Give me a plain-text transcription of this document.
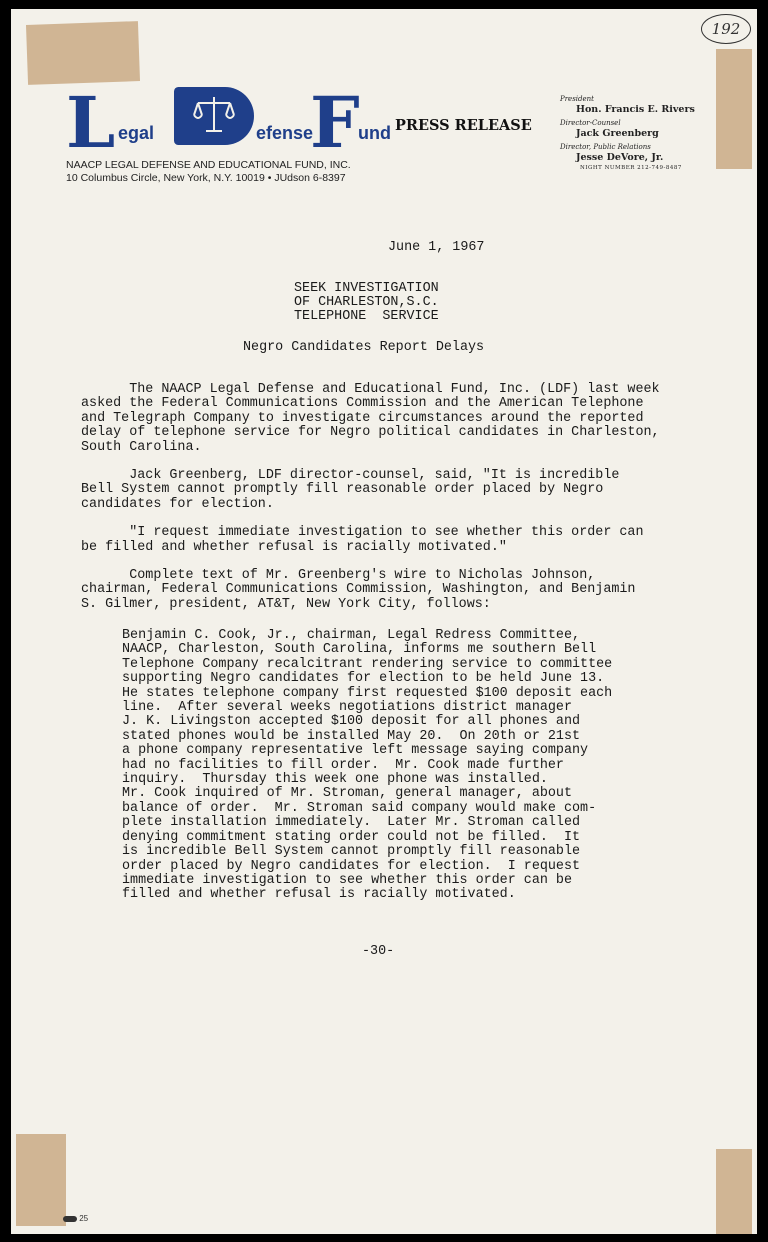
192
L egal	efense
F
und
NAACP LEGAL DEFENSE AND EDUCATIONAL FUND, INC.
10 Columbus Circle, New York, N.Y. 10019 • JUdson 6-8397
PRESS RELEASE
President
Hon. Francis E. Rivers
Director-Counsel
Jack Greenberg
Director, Public Relations
Jesse DeVore, Jr.
NIGHT NUMBER 212-749-8487
June 1, 1967
SEEK INVESTIGATION
OF CHARLESTON,S.C.
TELEPHONE  SERVICE
Negro Candidates Report Delays

The NAACP Legal Defense and Educational Fund, Inc. (LDF) last week
asked the Federal Communications Commission and the American Telephone
and Telegraph Company to investigate circumstances around the reported
delay of telephone service for Negro political candidates in Charleston,
South Carolina.

Jack Greenberg, LDF director-counsel, said, "It is incredible
Bell System cannot promptly fill reasonable order placed by Negro
candidates for election.

"I request immediate investigation to see whether this order can
be filled and whether refusal is racially motivated."

Complete text of Mr. Greenberg's wire to Nicholas Johnson,
chairman, Federal Communications Commission, Washington, and Benjamin
S. Gilmer, president, AT&T, New York City, follows:

Benjamin C. Cook, Jr., chairman, Legal Redress Committee,
NAACP, Charleston, South Carolina, informs me southern Bell
Telephone Company recalcitrant rendering service to committee
supporting Negro candidates for election to be held June 13.
He states telephone company first requested $100 deposit each
line.  After several weeks negotiations district manager
J. K. Livingston accepted $100 deposit for all phones and
stated phones would be installed May 20.  On 20th or 21st
a phone company representative left message saying company
had no facilities to fill order.  Mr. Cook made further
inquiry.  Thursday this week one phone was installed.
Mr. Cook inquired of Mr. Stroman, general manager, about
balance of order.  Mr. Stroman said company would make com-
plete installation immediately.  Later Mr. Stroman called
denying commitment stating order could not be filled.  It
is incredible Bell System cannot promptly fill reasonable
order placed by Negro candidates for election.  I request
immediate investigation to see whether this order can be
filled and whether refusal is racially motivated.
-30-
25
